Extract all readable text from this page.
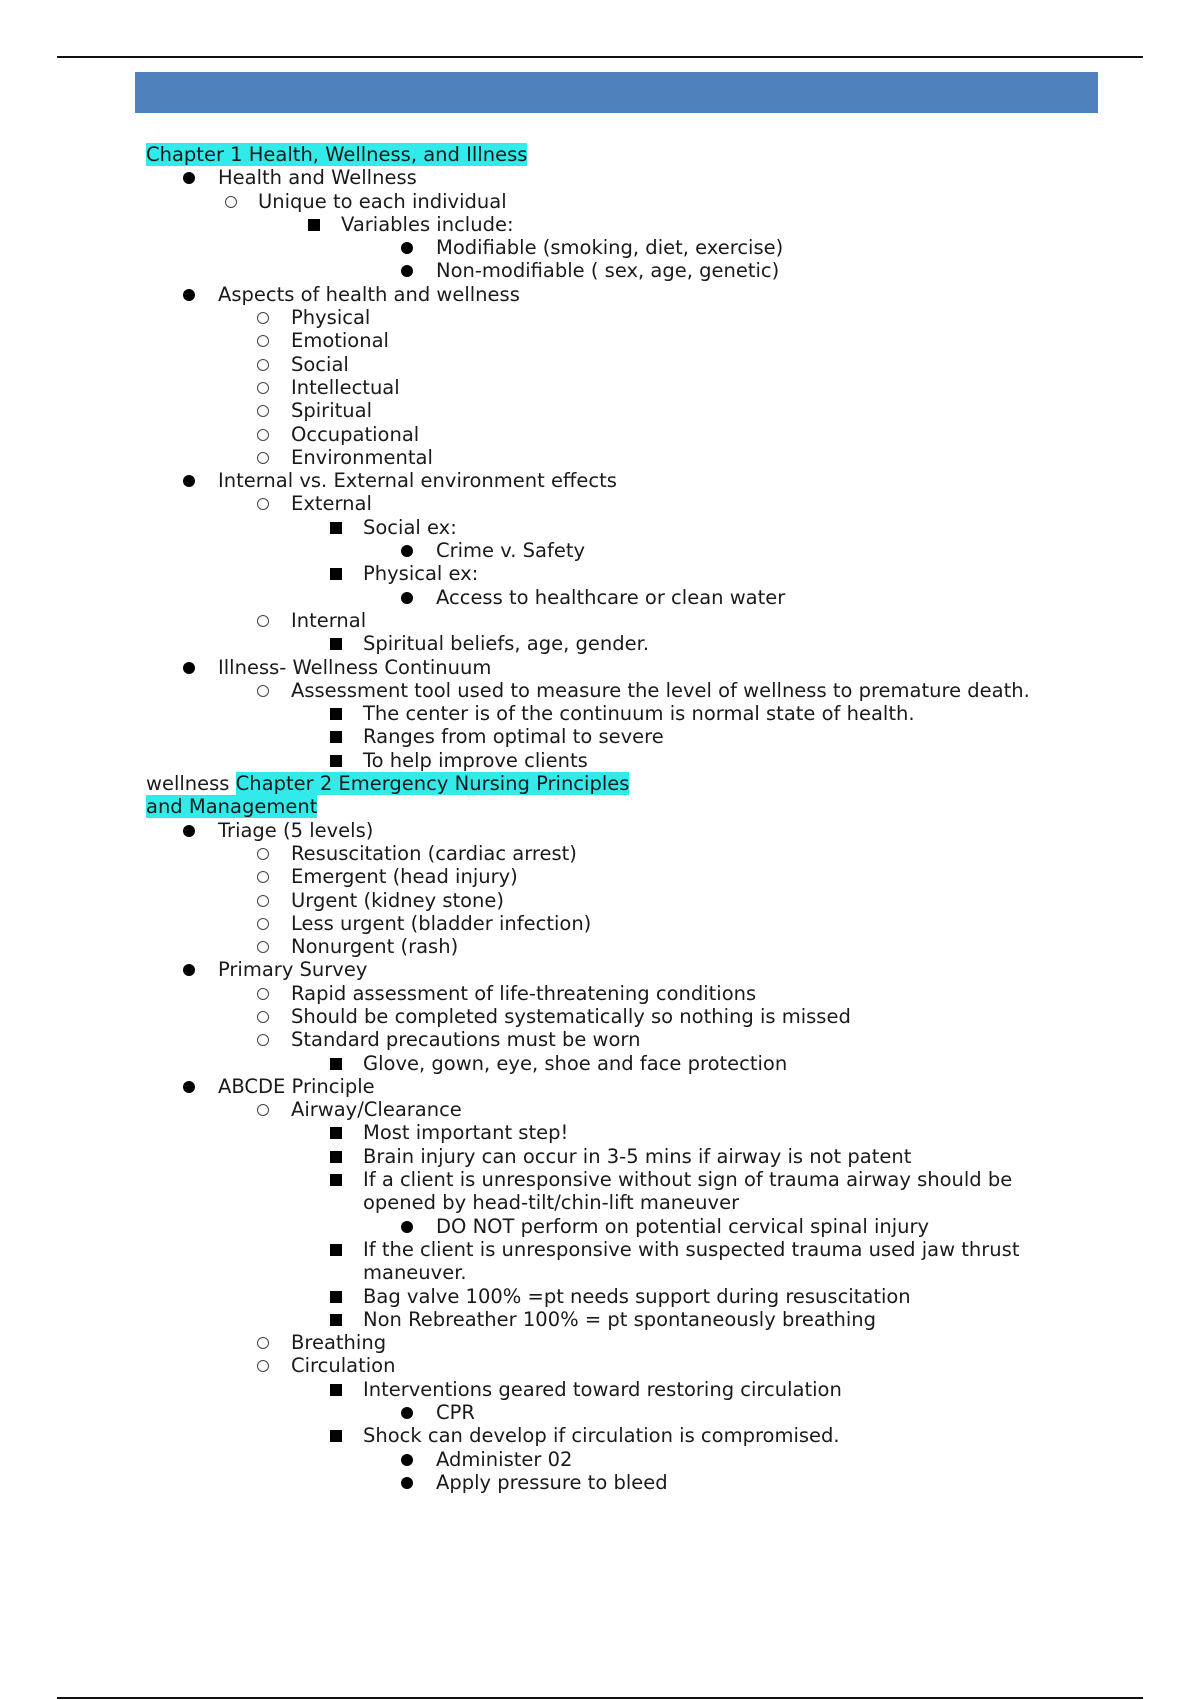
Chapter 1 Health, Wellness, and Illness
Health and Wellness
Unique to each individual
Variables include:
Modifiable (smoking, diet, exercise)
Non-modifiable ( sex, age, genetic)
Aspects of health and wellness
Physical
Emotional
Social
Intellectual
Spiritual
Occupational
Environmental
Internal vs. External environment effects
External
Social ex:
Crime v. Safety
Physical ex:
Access to healthcare or clean water
Internal
Spiritual beliefs, age, gender.
Illness- Wellness Continuum
Assessment tool used to measure the level of wellness to premature death.
The center is of the continuum is normal state of health.
Ranges from optimal to severe
To help improve clients
wellness Chapter 2 Emergency Nursing Principles
and Management
Triage (5 levels)
Resuscitation (cardiac arrest)
Emergent (head injury)
Urgent (kidney stone)
Less urgent (bladder infection)
Nonurgent (rash)
Primary Survey
Rapid assessment of life-threatening conditions
Should be completed systematically so nothing is missed
Standard precautions must be worn
Glove, gown, eye, shoe and face protection
ABCDE Principle
Airway/Clearance
Most important step!
Brain injury can occur in 3-5 mins if airway is not patent
If a client is unresponsive without sign of trauma airway should be
opened by head-tilt/chin-lift maneuver
DO NOT perform on potential cervical spinal injury
If the client is unresponsive with suspected trauma used jaw thrust
maneuver.
Bag valve 100% =pt needs support during resuscitation
Non Rebreather 100% = pt spontaneously breathing
Breathing
Circulation
Interventions geared toward restoring circulation
CPR
Shock can develop if circulation is compromised.
Administer 02
Apply pressure to bleed
